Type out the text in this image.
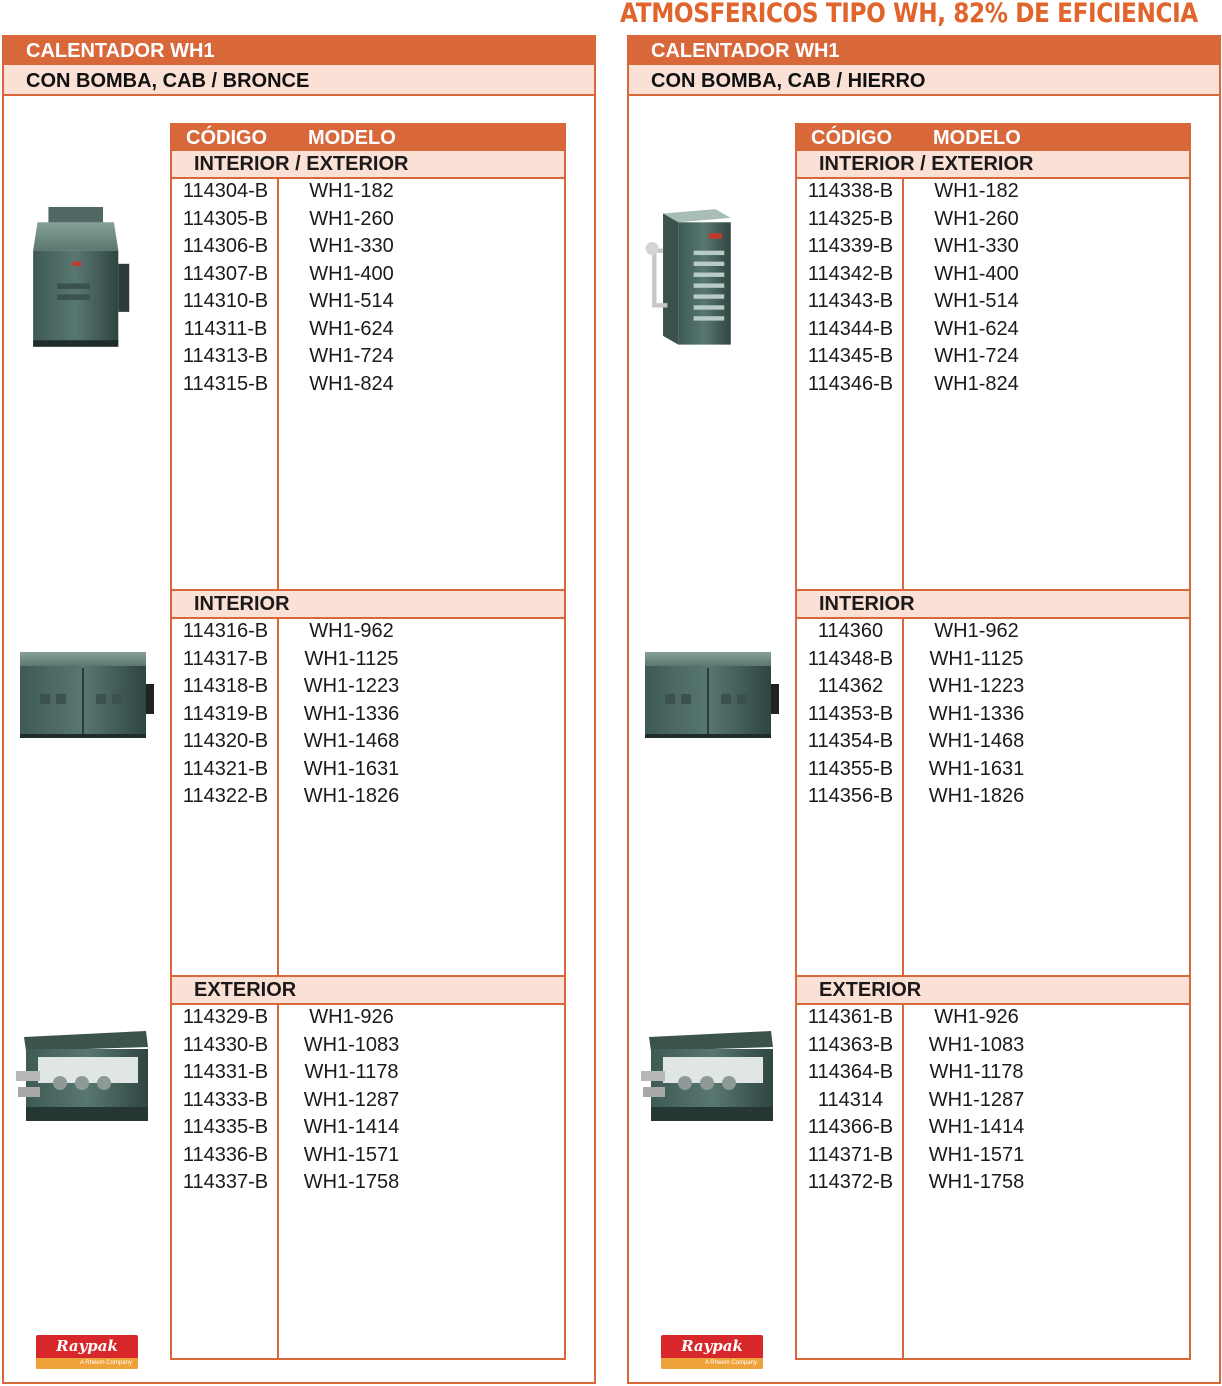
ATMOSFERICOS TIPO WH, 82% DE EFICIENCIA
CALENTADOR WH1
CON BOMBA, CAB / BRONCE
CÓDIGO MODELO
INTERIOR / EXTERIOR
114304-B	WH1-182
114305-B	WH1-260
114306-B	WH1-330
114307-B	WH1-400
114310-B	WH1-514
114311-B	WH1-624
114313-B	WH1-724
114315-B	WH1-824
INTERIOR
114316-B	WH1-962
114317-B	WH1-1125
114318-B	WH1-1223
114319-B	WH1-1336
114320-B	WH1-1468
114321-B	WH1-1631
114322-B	WH1-1826
EXTERIOR
114329-B	WH1-926
114330-B	WH1-1083
114331-B	WH1-1178
114333-B	WH1-1287
114335-B	WH1-1414
114336-B	WH1-1571
114337-B	WH1-1758
Raypak
A Rheem Company
CALENTADOR WH1
CON BOMBA, CAB / HIERRO
CÓDIGO MODELO
INTERIOR / EXTERIOR
114338-B	WH1-182
114325-B	WH1-260
114339-B	WH1-330
114342-B	WH1-400
114343-B	WH1-514
114344-B	WH1-624
114345-B	WH1-724
114346-B	WH1-824
INTERIOR
114360	WH1-962
114348-B	WH1-1125
114362	WH1-1223
114353-B	WH1-1336
114354-B	WH1-1468
114355-B	WH1-1631
114356-B	WH1-1826
EXTERIOR
114361-B	WH1-926
114363-B	WH1-1083
114364-B	WH1-1178
114314	WH1-1287
114366-B	WH1-1414
114371-B	WH1-1571
114372-B	WH1-1758
Raypak
A Rheem Company
